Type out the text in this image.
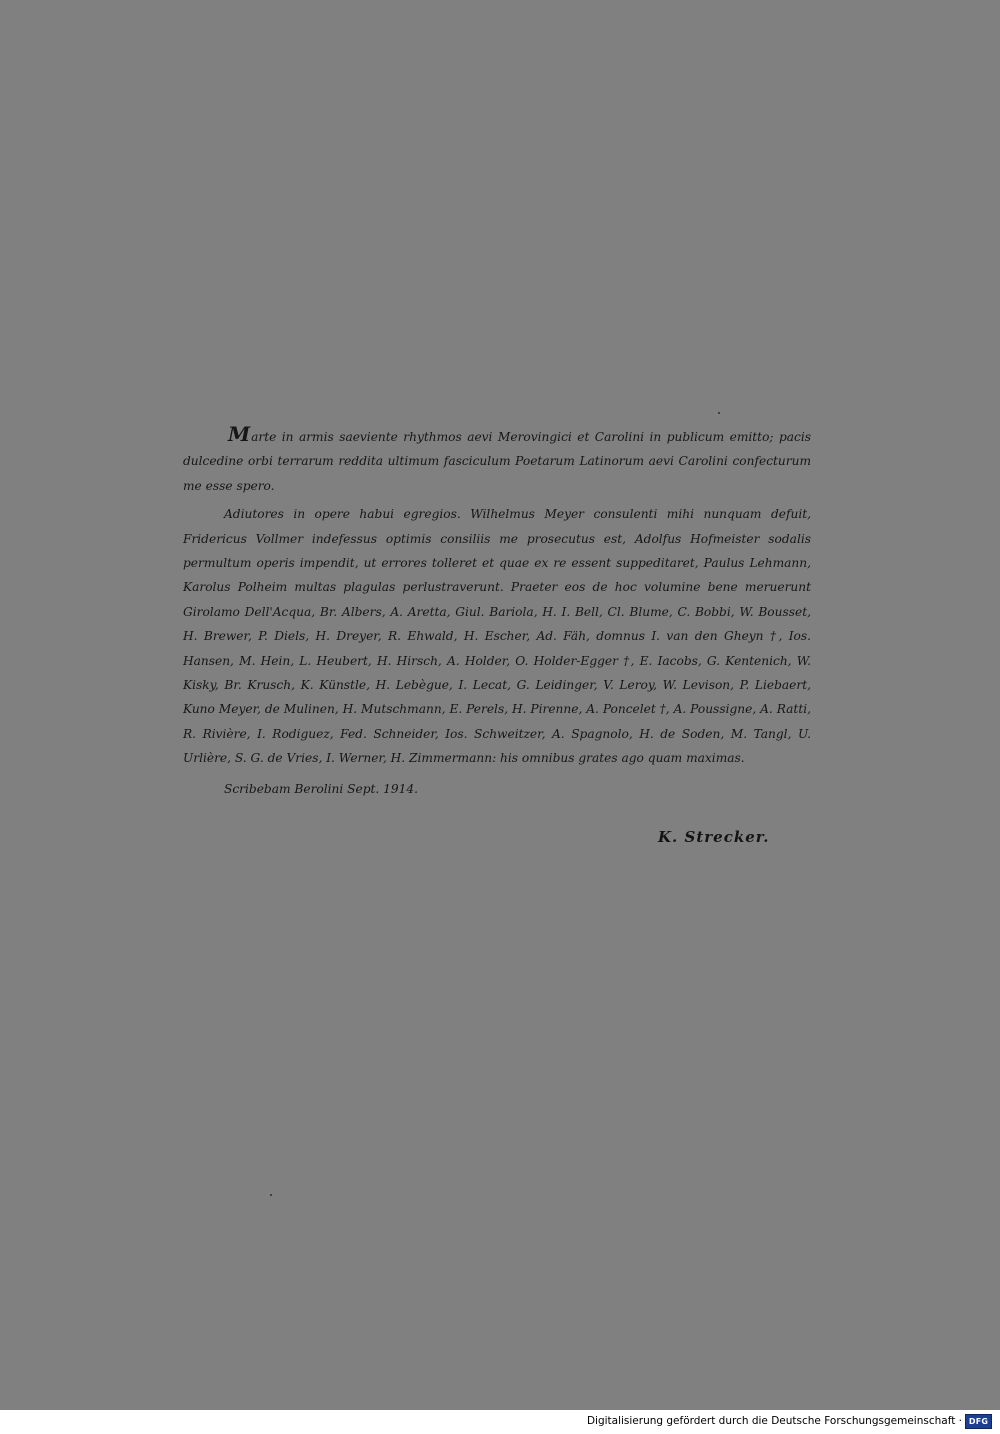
Marte in armis saeviente rhythmos aevi Merovingici et Carolini in publicum emitto; pacis dulcedine orbi terrarum reddita ultimum fasciculum Poetarum Latinorum aevi Carolini confecturum me esse spero.

Adiutores in opere habui egregios. Wilhelmus Meyer consulenti mihi nunquam defuit, Fridericus Vollmer indefessus optimis consiliis me prosecutus est, Adolfus Hofmeister sodalis permultum operis impendit, ut errores tolleret et quae ex re essent suppeditaret, Paulus Lehmann, Karolus Polheim multas plagulas perlustraverunt. Praeter eos de hoc volumine bene meruerunt Girolamo Dell'Acqua, Br. Albers, A. Aretta, Giul. Bariola, H. I. Bell, Cl. Blume, C. Bobbi, W. Bousset, H. Brewer, P. Diels, H. Dreyer, R. Ehwald, H. Escher, Ad. Fäh, domnus I. van den Gheyn †, Ios. Hansen, M. Hein, L. Heubert, H. Hirsch, A. Holder, O. Holder-Egger †, E. Iacobs, G. Kentenich, W. Kisky, Br. Krusch, K. Künstle, H. Lebègue, I. Lecat, G. Leidinger, V. Leroy, W. Levison, P. Liebaert, Kuno Meyer, de Mulinen, H. Mutschmann, E. Perels, H. Pirenne, A. Poncelet †, A. Poussigne, A. Ratti, R. Rivière, I. Rodiguez, Fed. Schneider, Ios. Schweitzer, A. Spagnolo, H. de Soden, M. Tangl, U. Urlière, S. G. de Vries, I. Werner, H. Zimmermann: his omnibus grates ago quam maximas.

Scribebam Berolini Sept. 1914.

K. Strecker.
Digitalisierung gefördert durch die Deutsche Forschungsgemeinschaft · DFG
